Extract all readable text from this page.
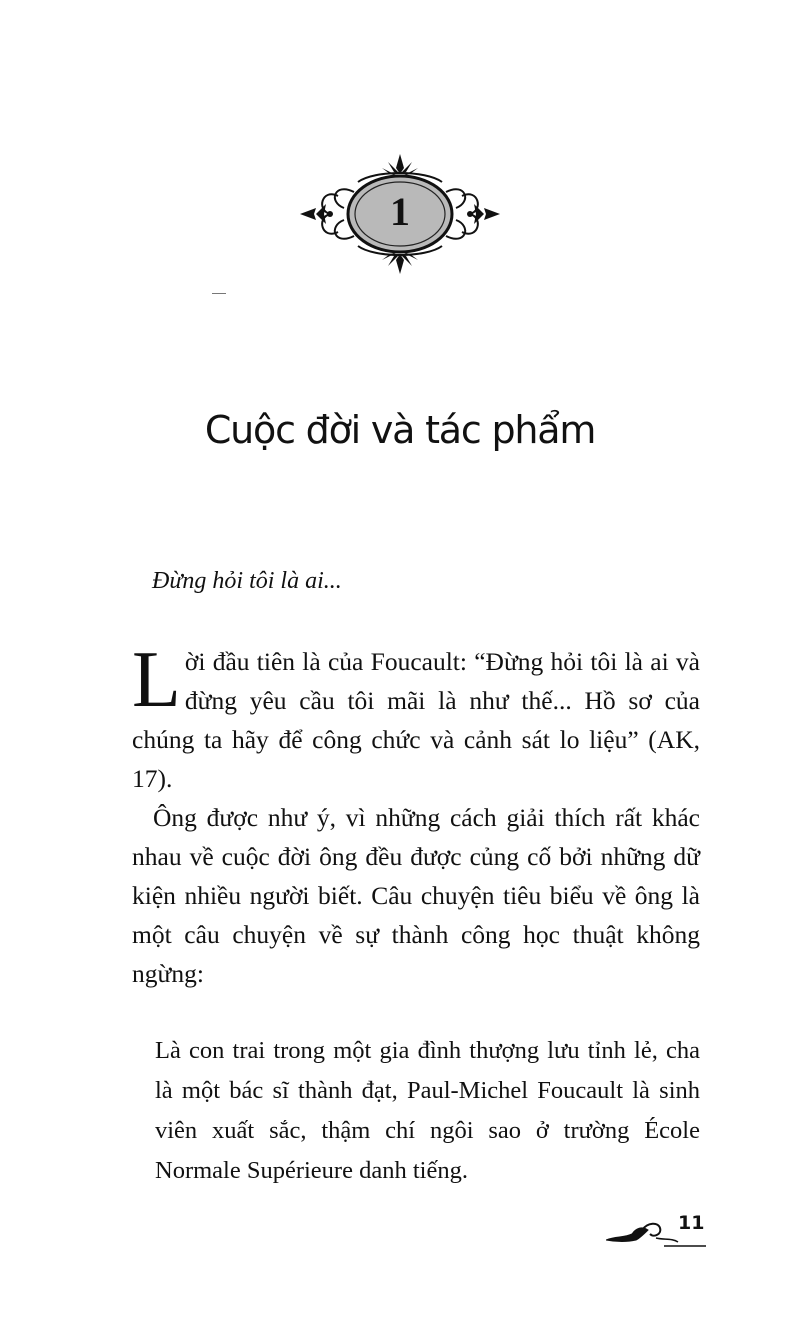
1
Cuộc đời và tác phẩm
Đừng hỏi tôi là ai...
Lời đầu tiên là của Foucault: “Đừng hỏi tôi là ai và đừng yêu cầu tôi mãi là như thế... Hồ sơ của chúng ta hãy để công chức và cảnh sát lo liệu” (AK, 17).
Ông được như ý, vì những cách giải thích rất khác nhau về cuộc đời ông đều được củng cố bởi những dữ kiện nhiều người biết. Câu chuyện tiêu biểu về ông là một câu chuyện về sự thành công học thuật không ngừng:
Là con trai trong một gia đình thượng lưu tỉnh lẻ, cha là một bác sĩ thành đạt, Paul-Michel Foucault là sinh viên xuất sắc, thậm chí ngôi sao ở trường École Normale Supérieure danh tiếng.
11
